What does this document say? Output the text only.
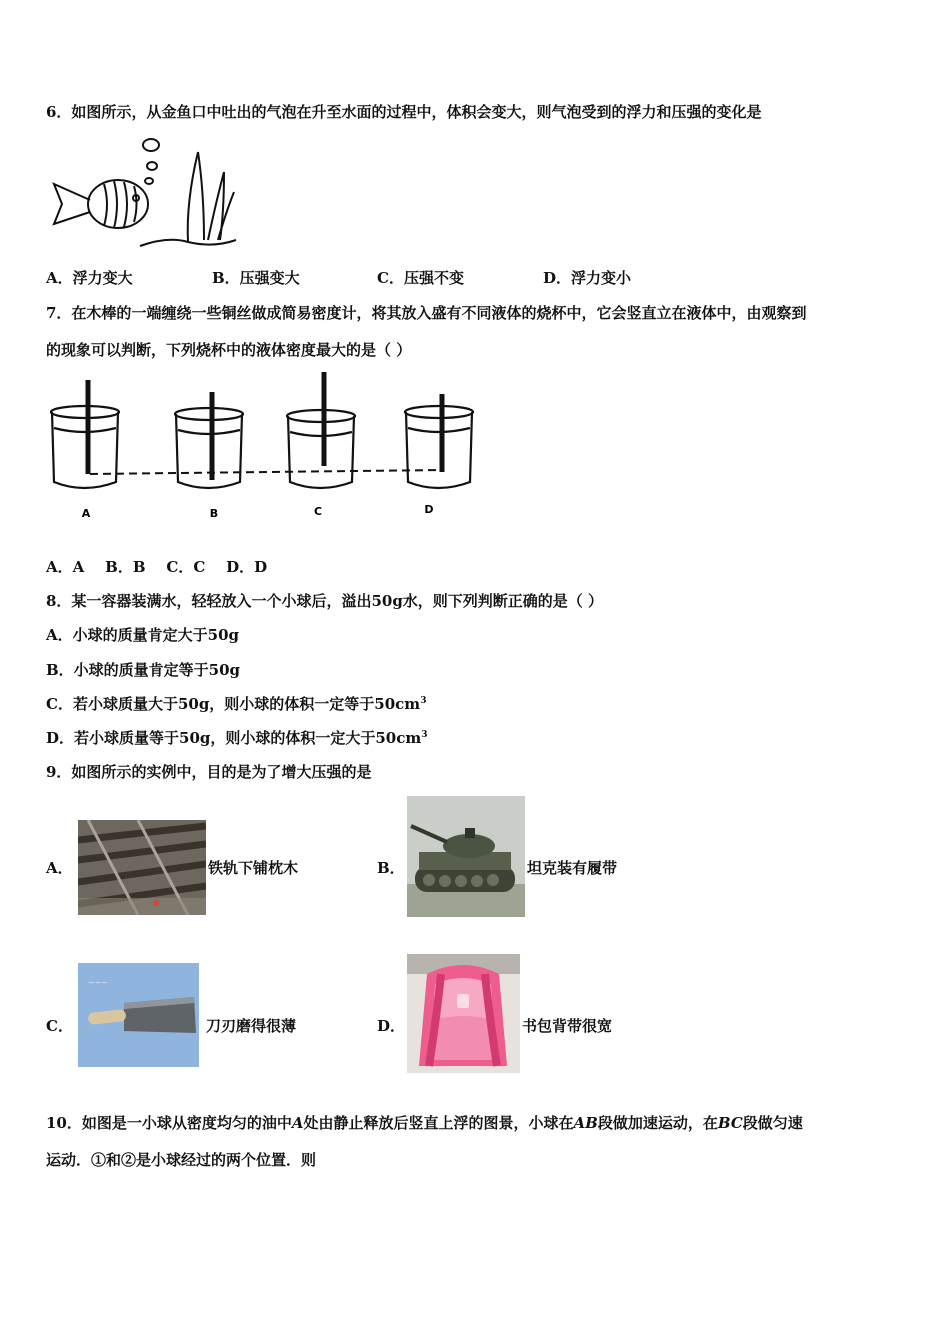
6．如图所示，从金鱼口中吐出的气泡在升至水面的过程中，体积会变大，则气泡受到的浮力和压强的变化是
A．浮力变大	B．压强变大	C．压强不变	D．浮力变小
7．在木棒的一端缠绕一些铜丝做成简易密度计，将其放入盛有不同液体的烧杯中，它会竖直立在液体中，由观察到
的现象可以判断，下列烧杯中的液体密度最大的是（ ）
A	B	C	D
A．A    B．B    C．C    D．D
8．某一容器装满水，轻轻放入一个小球后，溢出50g水，则下列判断正确的是（ ）
A．小球的质量肯定大于50g
B．小球的质量肯定等于50g
C．若小球质量大于50g，则小球的体积一定等于$50cm^3$
D．若小球质量等于50g，则小球的体积一定大于$50cm^3$
9．如图所示的实例中，目的是为了增大压强的是
A．	铁轨下铺枕木	B．	坦克装有履带
C．
~~~
刀刃磨得很薄	D．	书包背带很宽
10．如图是一小球从密度均匀的油中A处由静止释放后竖直上浮的图景，小球在AB段做加速运动，在BC段做匀速
运动．①和②是小球经过的两个位置．则
